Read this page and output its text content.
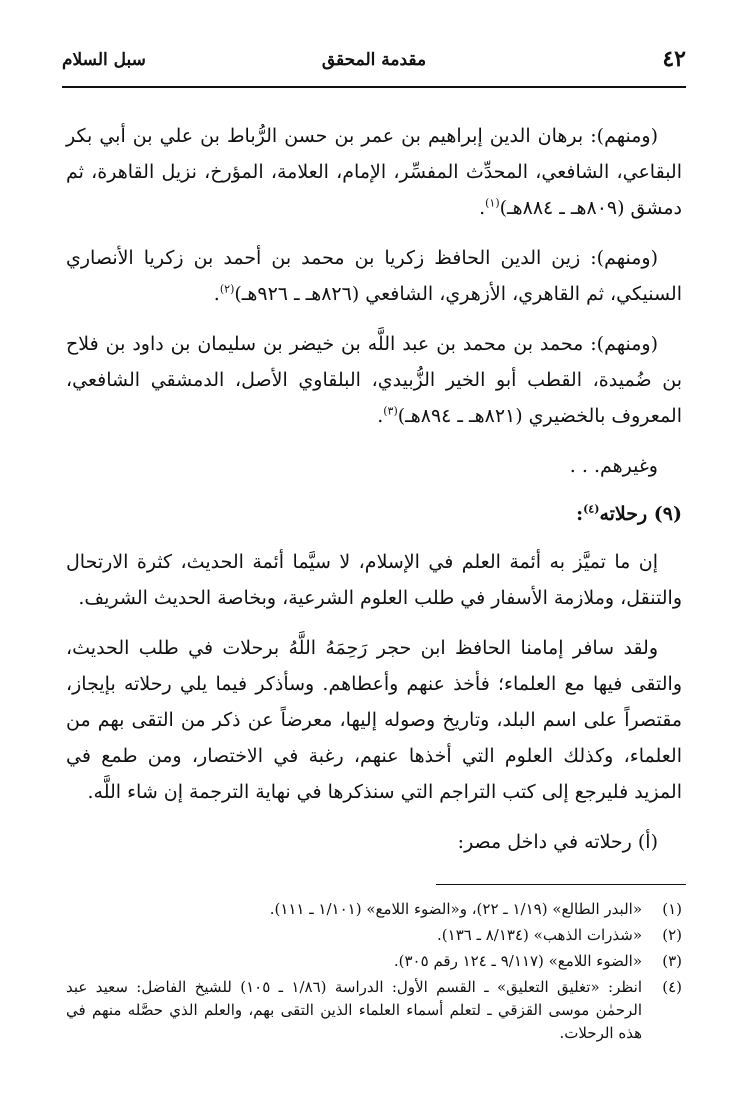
٤٢
مقدمة المحقق
سبل السلام

(ومنهم): برهان الدين إبراهيم بن عمر بن حسن الرُّباط بن علي بن أبي بكر البقاعي، الشافعي، المحدِّث المفسِّر، الإمام، العلامة، المؤرخ، نزيل القاهرة، ثم دمشق (٨٠٩هـ ـ ٨٨٤هـ)$^{(١)}$.

(ومنهم): زين الدين الحافظ زكريا بن محمد بن أحمد بن زكريا الأنصاري السنيكي، ثم القاهري، الأزهري، الشافعي (٨٢٦هـ ـ ٩٢٦هـ)$^{(٢)}$.

(ومنهم): محمد بن محمد بن عبد اللَّه بن خيضر بن سليمان بن داود بن فلاح بن ضُميدة، القطب أبو الخير الزُّبيدي، البلقاوي الأصل، الدمشقي الشافعي، المعروف بالخضيري (٨٢١هـ ـ ٨٩٤هـ)$^{(٣)}$.

وغيرهم. . .

(٩) رحلاته$^{(٤)}$:

إن ما تميَّز به أئمة العلم في الإسلام، لا سيَّما أئمة الحديث، كثرة الارتحال والتنقل، وملازمة الأسفار في طلب العلوم الشرعية، وبخاصة الحديث الشريف.

ولقد سافر إمامنا الحافظ ابن حجر رَحِمَهُ اللَّهُ برحلات في طلب الحديث، والتقى فيها مع العلماء؛ فأخذ عنهم وأعطاهم. وسأذكر فيما يلي رحلاته بإيجاز، مقتصراً على اسم البلد، وتاريخ وصوله إليها، معرضاً عن ذكر من التقى بهم من العلماء، وكذلك العلوم التي أخذها عنهم، رغبة في الاختصار، ومن طمع في المزيد فليرجع إلى كتب التراجم التي سنذكرها في نهاية الترجمة إن شاء اللَّه.

(أ) رحلاته في داخل مصر:

(١)
«البدر الطالع» (١/١٩ ـ ٢٢)، و«الضوء اللامع» (١/١٠١ ـ ١١١).
(٢)
«شذرات الذهب» (٨/١٣٤ ـ ١٣٦).
(٣)
«الضوء اللامع» (٩/١١٧ ـ ١٢٤ رقم ٣٠٥).
(٤)
انظر: «تغليق التعليق» ـ القسم الأول: الدراسة (١/٨٦ ـ ١٠٥) للشيخ الفاضل: سعيد عبد الرحمٰن موسى القزقي ـ لتعلم أسماء العلماء الذين التقى بهم، والعلم الذي حصَّله منهم في هذه الرحلات.
